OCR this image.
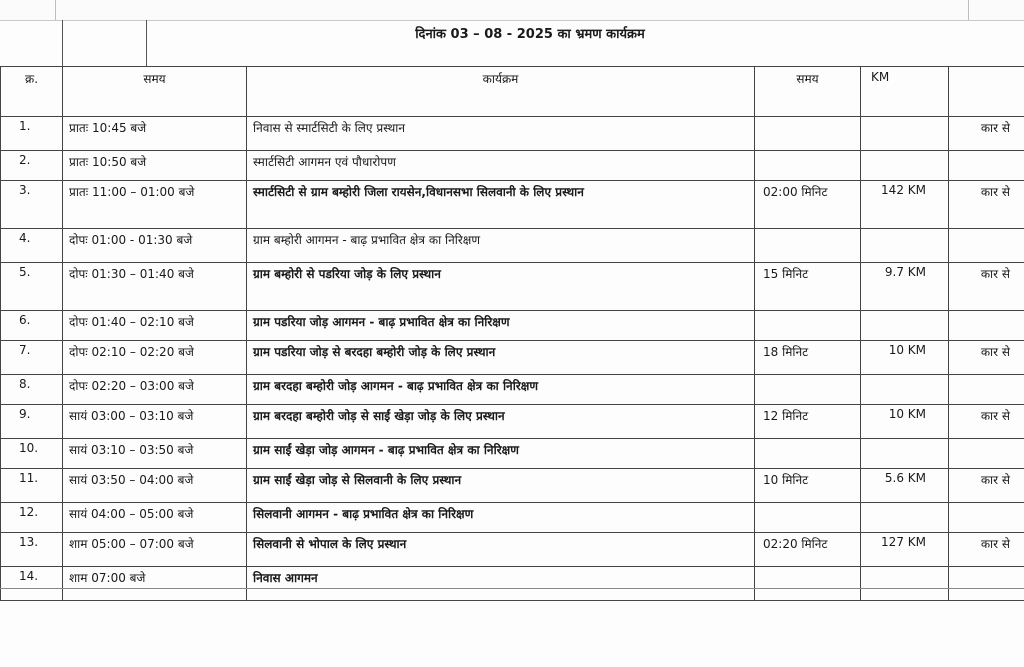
दिनांक 03 – 08 - 2025 का भ्रमण कार्यक्रम
क्र.	समय	कार्यक्रम	समय	KM	
1.	प्रातः 10:45 बजे	निवास से स्मार्टसिटी के लिए प्रस्थान			कार से
2.	प्रातः 10:50 बजे	स्मार्टसिटी आगमन एवं पौधारोपण			
3.	प्रातः 11:00 – 01:00 बजे	स्मार्टसिटी से ग्राम बम्होरी जिला रायसेन,विधानसभा सिलवानी के लिए प्रस्थान	02:00 मिनिट	142 KM	कार से
4.	दोपः 01:00 - 01:30 बजे	ग्राम बम्होरी आगमन - बाढ़ प्रभावित क्षेत्र का निरिक्षण			
5.	दोपः 01:30 – 01:40 बजे	ग्राम बम्होरी से पडरिया जोड़ के लिए प्रस्थान	15 मिनिट	9.7 KM	कार से
6.	दोपः 01:40 – 02:10 बजे	ग्राम पडरिया जोड़ आगमन - बाढ़ प्रभावित क्षेत्र का निरिक्षण			
7.	दोपः 02:10 – 02:20 बजे	ग्राम पडरिया जोड़ से बरदहा बम्होरी जोड़ के लिए प्रस्थान	18 मिनिट	10 KM	कार से
8.	दोपः 02:20 – 03:00 बजे	ग्राम बरदहा बम्होरी जोड़ आगमन - बाढ़ प्रभावित क्षेत्र का निरिक्षण			
9.	सायं 03:00 – 03:10 बजे	ग्राम बरदहा बम्होरी जोड़ से साईं खेड़ा जोड़ के लिए प्रस्थान	12 मिनिट	10 KM	कार से
10.	सायं 03:10 – 03:50 बजे	ग्राम साईं खेड़ा जोड़ आगमन - बाढ़ प्रभावित क्षेत्र का निरिक्षण			
11.	सायं 03:50 – 04:00 बजे	ग्राम साईं खेड़ा जोड़ से सिलवानी के लिए प्रस्थान	10 मिनिट	5.6 KM	कार से
12.	सायं 04:00 – 05:00 बजे	सिलवानी आगमन - बाढ़ प्रभावित क्षेत्र का निरिक्षण			
13.	शाम 05:00 – 07:00 बजे	सिलवानी से भोपाल के लिए प्रस्थान	02:20 मिनिट	127 KM	कार से
14.	शाम 07:00 बजे	निवास आगमन			
